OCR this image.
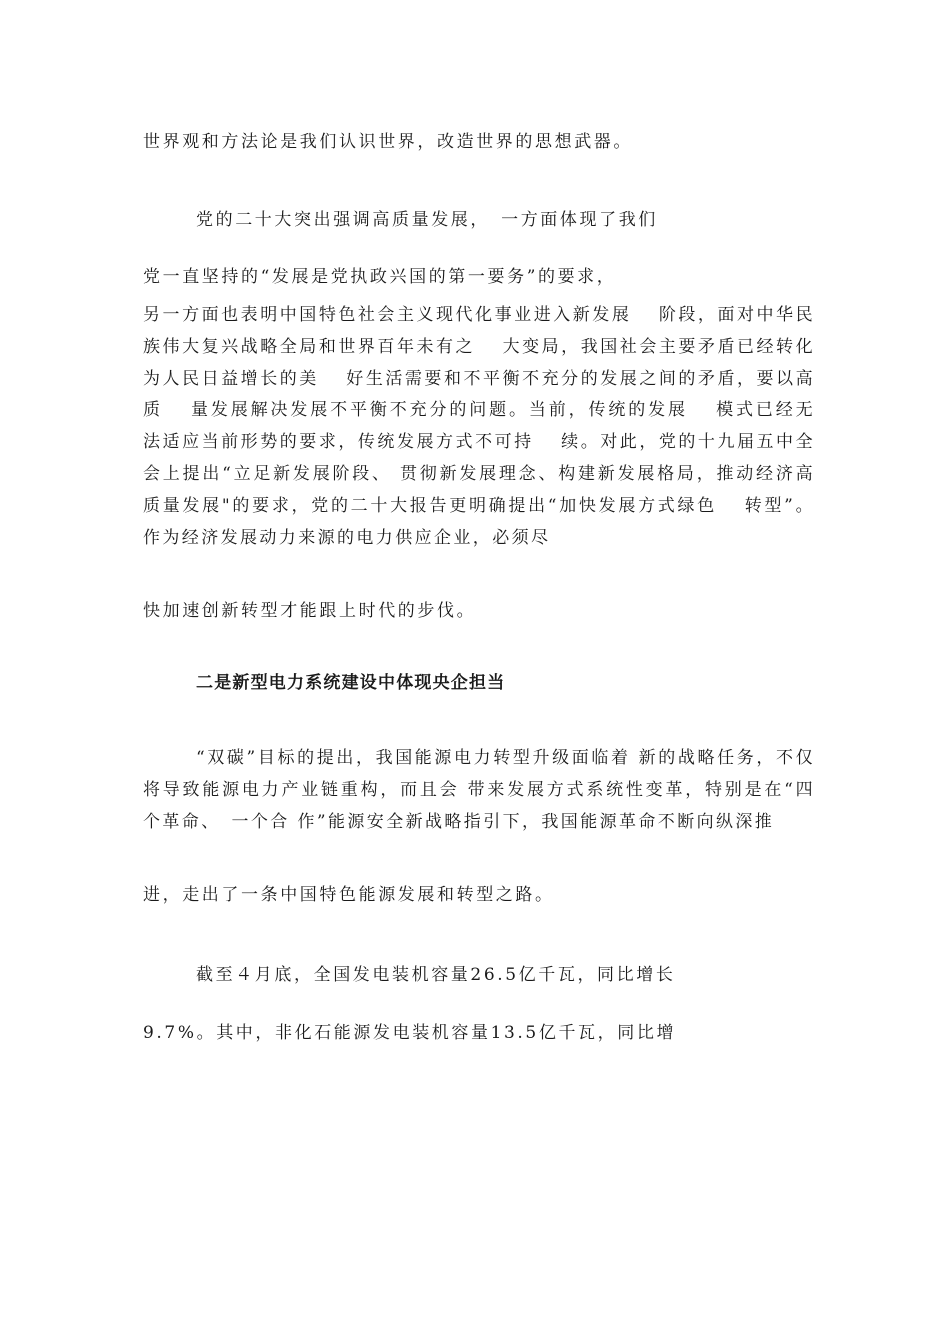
世界观和方法论是我们认识世界，改造世界的思想武器。
党的二十大突出强调高质量发展，　一方面体现了我们
党一直坚持的“发展是党执政兴国的第一要务”的要求，
另一方面也表明中国特色社会主义现代化事业进入新发展　 阶段，面对中华民族伟大复兴战略全局和世界百年未有之　 大变局，我国社会主要矛盾已经转化为人民日益增长的美　 好生活需要和不平衡不充分的发展之间的矛盾，要以高质　 量发展解决发展不平衡不充分的问题。当前，传统的发展　 模式已经无法适应当前形势的要求，传统发展方式不可持　 续。对此，党的十九届五中全会上提出“立足新发展阶段、 贯彻新发展理念、构建新发展格局，推动经济高质量发展"的要求，党的二十大报告更明确提出“加快发展方式绿色　 转型”。作为经济发展动力来源的电力供应企业，必须尽
快加速创新转型才能跟上时代的步伐。
二是新型电力系统建设中体现央企担当
“双碳”目标的提出，我国能源电力转型升级面临着 新的战略任务，不仅将导致能源电力产业链重构，而且会 带来发展方式系统性变革，特别是在“四个革命、　一个合 作”能源安全新战略指引下，我国能源革命不断向纵深推
进，走出了一条中国特色能源发展和转型之路。
截至４月底，全国发电装机容量26.5亿千瓦，同比增长
9.7%。其中，非化石能源发电装机容量13.5亿千瓦，同比增
